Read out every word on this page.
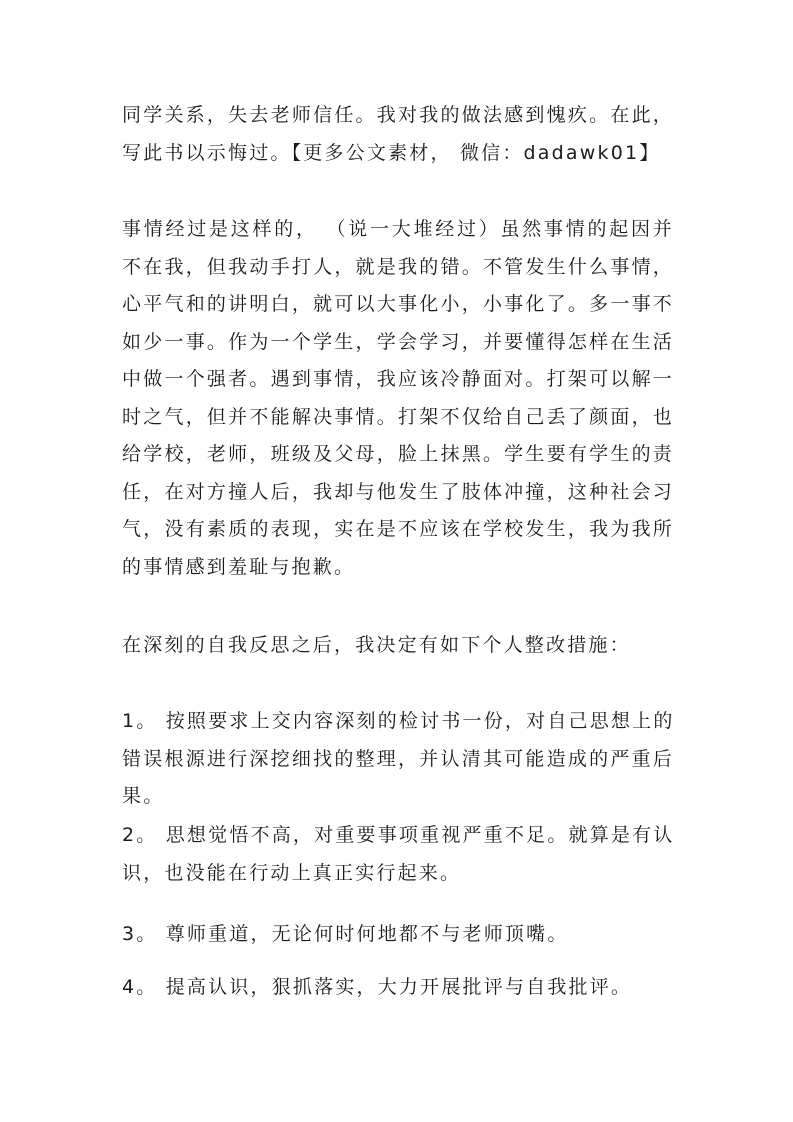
同学关系，失去老师信任。我对我的做法感到愧疚。在此，
写此书以示悔过。【更多公文素材， 微信：dadawk01】

事情经过是这样的， （说一大堆经过）虽然事情的起因并
不在我，但我动手打人，就是我的错。不管发生什么事情，
心平气和的讲明白，就可以大事化小，小事化了。多一事不
如少一事。作为一个学生，学会学习，并要懂得怎样在生活
中做一个强者。遇到事情，我应该冷静面对。打架可以解一
时之气，但并不能解决事情。打架不仅给自己丢了颜面，也
给学校，老师，班级及父母，脸上抹黑。学生要有学生的责
任，在对方撞人后，我却与他发生了肢体冲撞，这种社会习
气，没有素质的表现，实在是不应该在学校发生，我为我所
的事情感到羞耻与抱歉。

在深刻的自我反思之后，我决定有如下个人整改措施：

1。 按照要求上交内容深刻的检讨书一份，对自己思想上的
错误根源进行深挖细找的整理，并认清其可能造成的严重后
果。

2。 思想觉悟不高，对重要事项重视严重不足。就算是有认
识，也没能在行动上真正实行起来。

3。 尊师重道，无论何时何地都不与老师顶嘴。

4。 提高认识，狠抓落实，大力开展批评与自我批评。
